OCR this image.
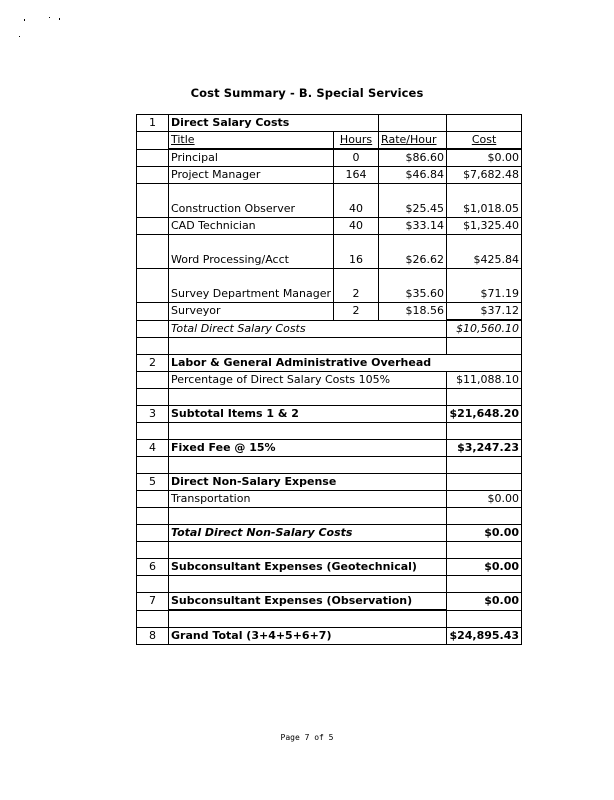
Cost Summary - B. Special Services
1	Direct Salary Costs			
	Title	Hours	Rate/Hour	Cost
	Principal	0	$86.60	$0.00
	Project Manager	164	$46.84	$7,682.48
	Construction Observer	40	$25.45	$1,018.05
	CAD Technician	40	$33.14	$1,325.40
	Word Processing/Acct	16	$26.62	$425.84
	Survey Department Manager	2	$35.60	$71.19
	Surveyor	2	$18.56	$37.12
	Total Direct Salary Costs			$10,560.10

2	Labor & General Administrative Overhead			
	Percentage of Direct Salary Costs 105%			$11,088.10

3	Subtotal Items 1 & 2			$21,648.20

4	Fixed Fee @ 15%			$3,247.23

5	Direct Non-Salary Expense			
	Transportation			$0.00

	Total Direct Non-Salary Costs			$0.00

6	Subconsultant Expenses (Geotechnical)			$0.00

7	Subconsultant Expenses (Observation)			$0.00

8	Grand Total (3+4+5+6+7)			$24,895.43
Page 7 of 5
